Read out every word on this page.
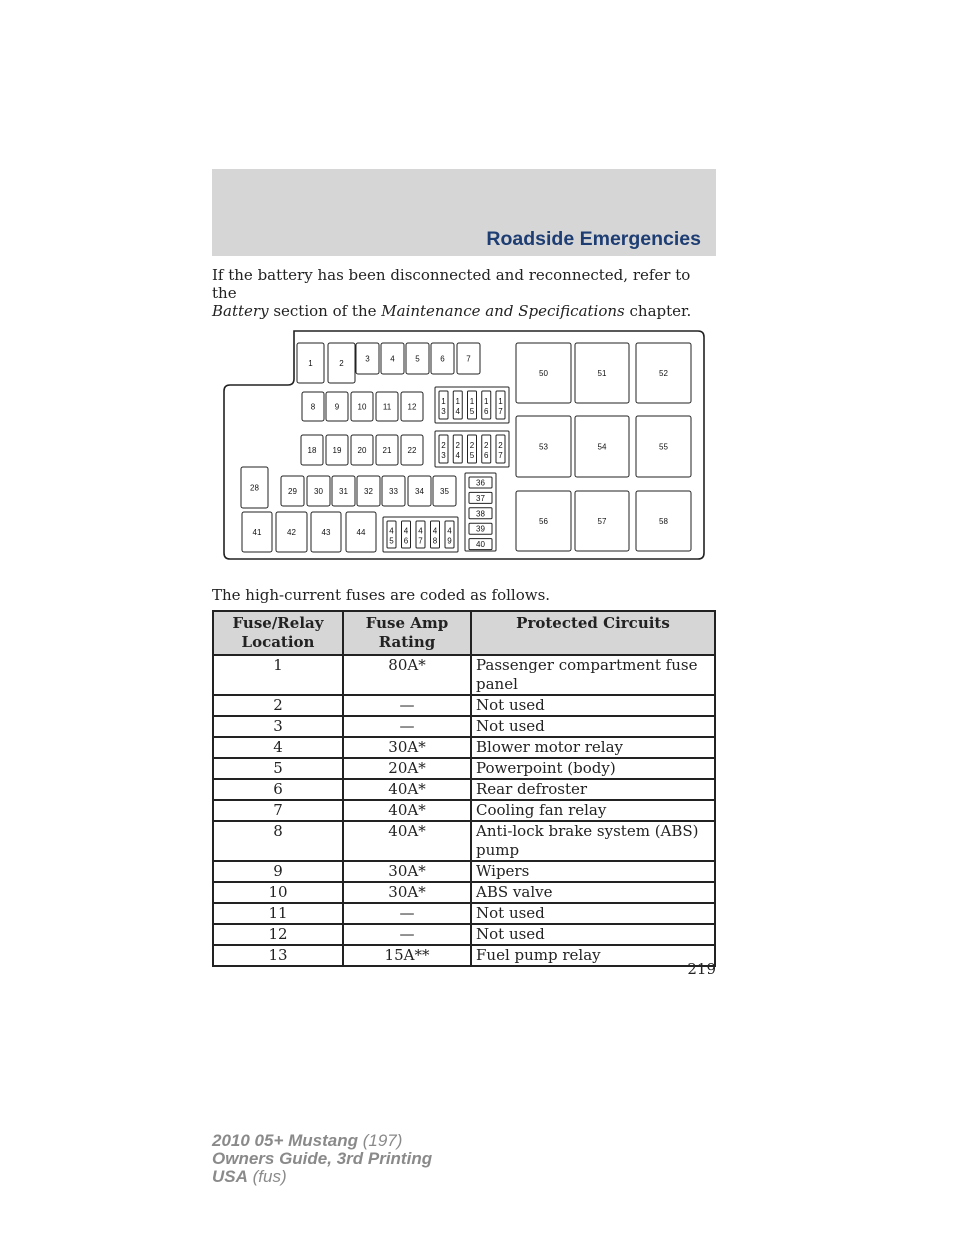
Roadside Emergencies
If the battery has been disconnected and reconnected, refer to the
Battery section of the Maintenance and Specifications chapter.
1	2	3	4	5	6	7
8 9 10 11 12
1
3
1
4
1
5
1
6
1
7
18 19 20 21 22
2
3
2
4
2
5
2
6
2
7
28	29 30 31 32 33 34 35
36
37
38
39
40
41	42	43	44	4
5
4
6
4
7
4
8
4
9
50	51	52
53	54	55
56	57	58
The high-current fuses are coded as follows.
Fuse/Relay
Location	Fuse Amp
Rating	Protected Circuits
1	80A*	Passenger compartment fuse
panel
2	—	Not used
3	—	Not used
4	30A*	Blower motor relay
5	20A*	Powerpoint (body)
6	40A*	Rear defroster
7	40A*	Cooling fan relay
8	40A*	Anti-lock brake system (ABS)
pump
9	30A*	Wipers
10	30A*	ABS valve
11	—	Not used
12	—	Not used
13	15A**	Fuel pump relay
219
2010 05+ Mustang (197)
Owners Guide, 3rd Printing
USA (fus)
